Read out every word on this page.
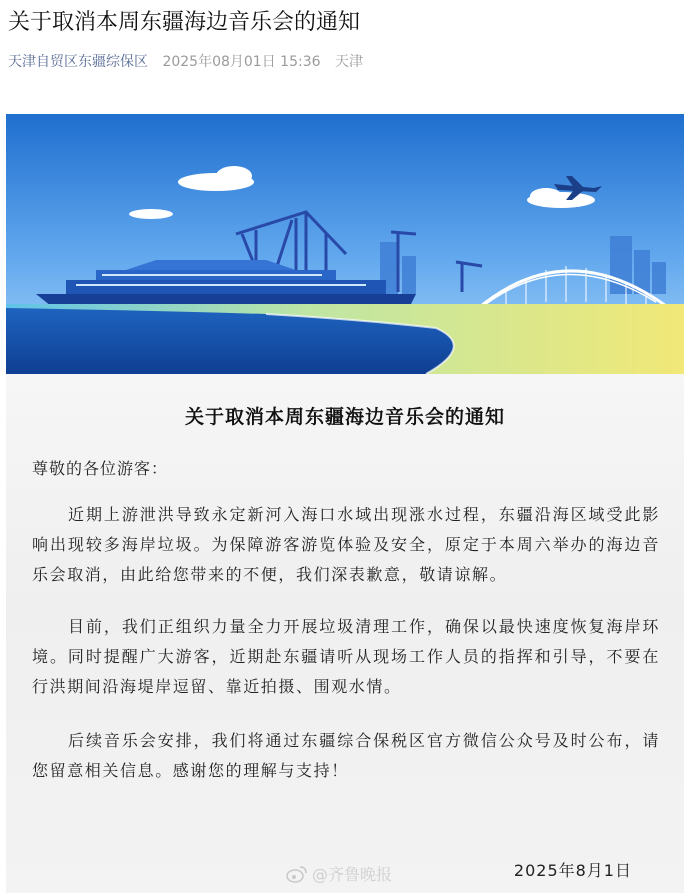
关于取消本周东疆海边音乐会的通知
天津自贸区东疆综保区 2025年08月01日 15:36 天津
关于取消本周东疆海边音乐会的通知
尊敬的各位游客：
近期上游泄洪导致永定新河入海口水域出现涨水过程，东疆沿海区域受此影响出现较多海岸垃圾。为保障游客游览体验及安全，原定于本周六举办的海边音乐会取消，由此给您带来的不便，我们深表歉意，敬请谅解。
目前，我们正组织力量全力开展垃圾清理工作，确保以最快速度恢复海岸环境。同时提醒广大游客，近期赴东疆请听从现场工作人员的指挥和引导，不要在行洪期间沿海堤岸逗留、靠近拍摄、围观水情。
后续音乐会安排，我们将通过东疆综合保税区官方微信公众号及时公布，请您留意相关信息。感谢您的理解与支持！
@齐鲁晚报	2025年8月1日
